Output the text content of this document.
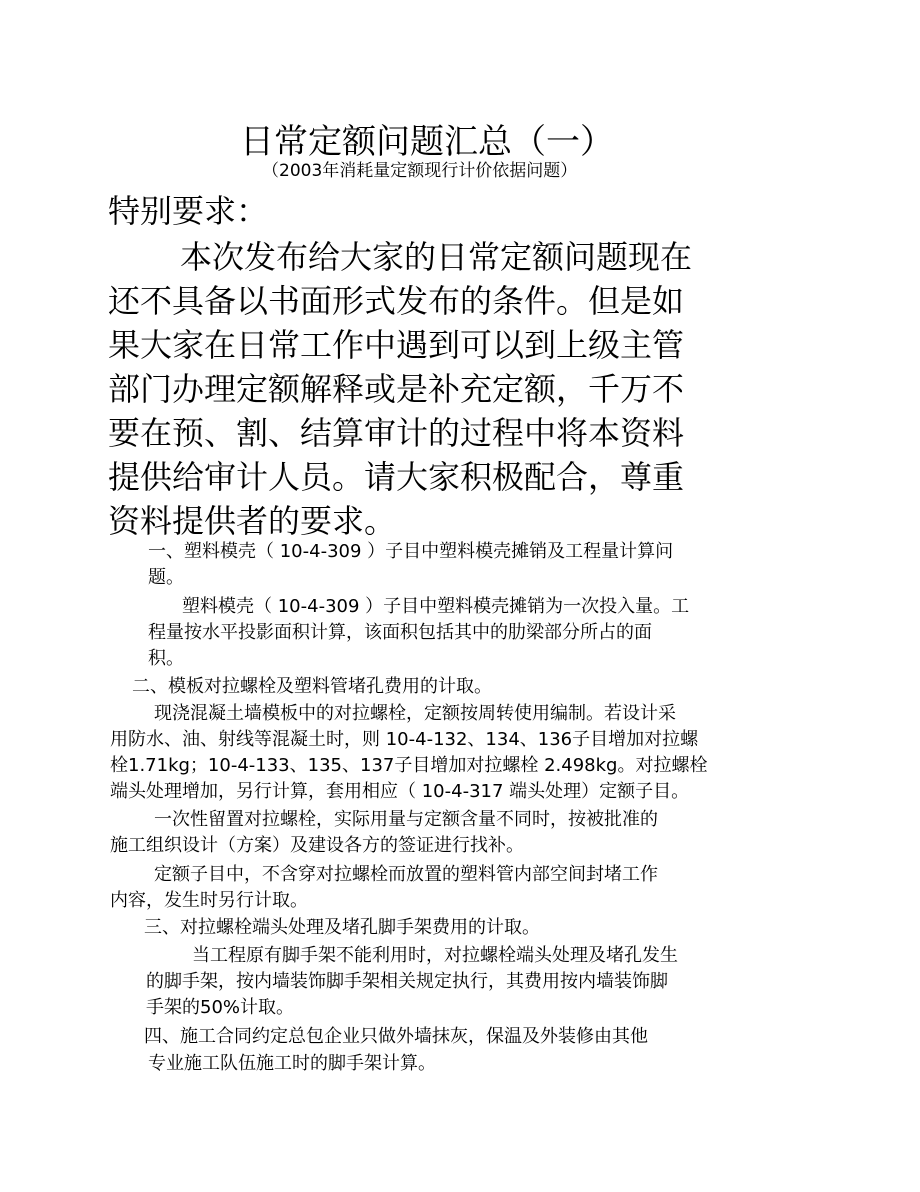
日常定额问题汇总（一）
（2003年消耗量定额现行计价依据问题）
特别要求：
本次发布给大家的日常定额问题现在
还不具备以书面形式发布的条件。但是如
果大家在日常工作中遇到可以到上级主管
部门办理定额解释或是补充定额，千万不
要在预、割、结算审计的过程中将本资料
提供给审计人员。请大家积极配合，尊重
资料提供者的要求。
一、塑料模壳（ 10-4-309 ）子目中塑料模壳摊销及工程量计算问
题。
塑料模壳（ 10-4-309 ）子目中塑料模壳摊销为一次投入量。工
程量按水平投影面积计算，该面积包括其中的肋梁部分所占的面
积。
二、模板对拉螺栓及塑料管堵孔费用的计取。
现浇混凝土墙模板中的对拉螺栓，定额按周转使用编制。若设计采
用防水、油、射线等混凝土时，则 10-4-132、134、136子目增加对拉螺
栓1.71kg；10-4-133、135、137子目增加对拉螺栓 2.498kg。对拉螺栓
端头处理增加，另行计算，套用相应（ 10-4-317 端头处理）定额子目。
一次性留置对拉螺栓，实际用量与定额含量不同时，按被批准的
施工组织设计（方案）及建设各方的签证进行找补。
定额子目中，不含穿对拉螺栓而放置的塑料管内部空间封堵工作
内容，发生时另行计取。
三、对拉螺栓端头处理及堵孔脚手架费用的计取。
当工程原有脚手架不能利用时，对拉螺栓端头处理及堵孔发生
的脚手架，按内墙装饰脚手架相关规定执行，其费用按内墙装饰脚
手架的50%计取。
四、施工合同约定总包企业只做外墙抹灰，保温及外装修由其他
专业施工队伍施工时的脚手架计算。
